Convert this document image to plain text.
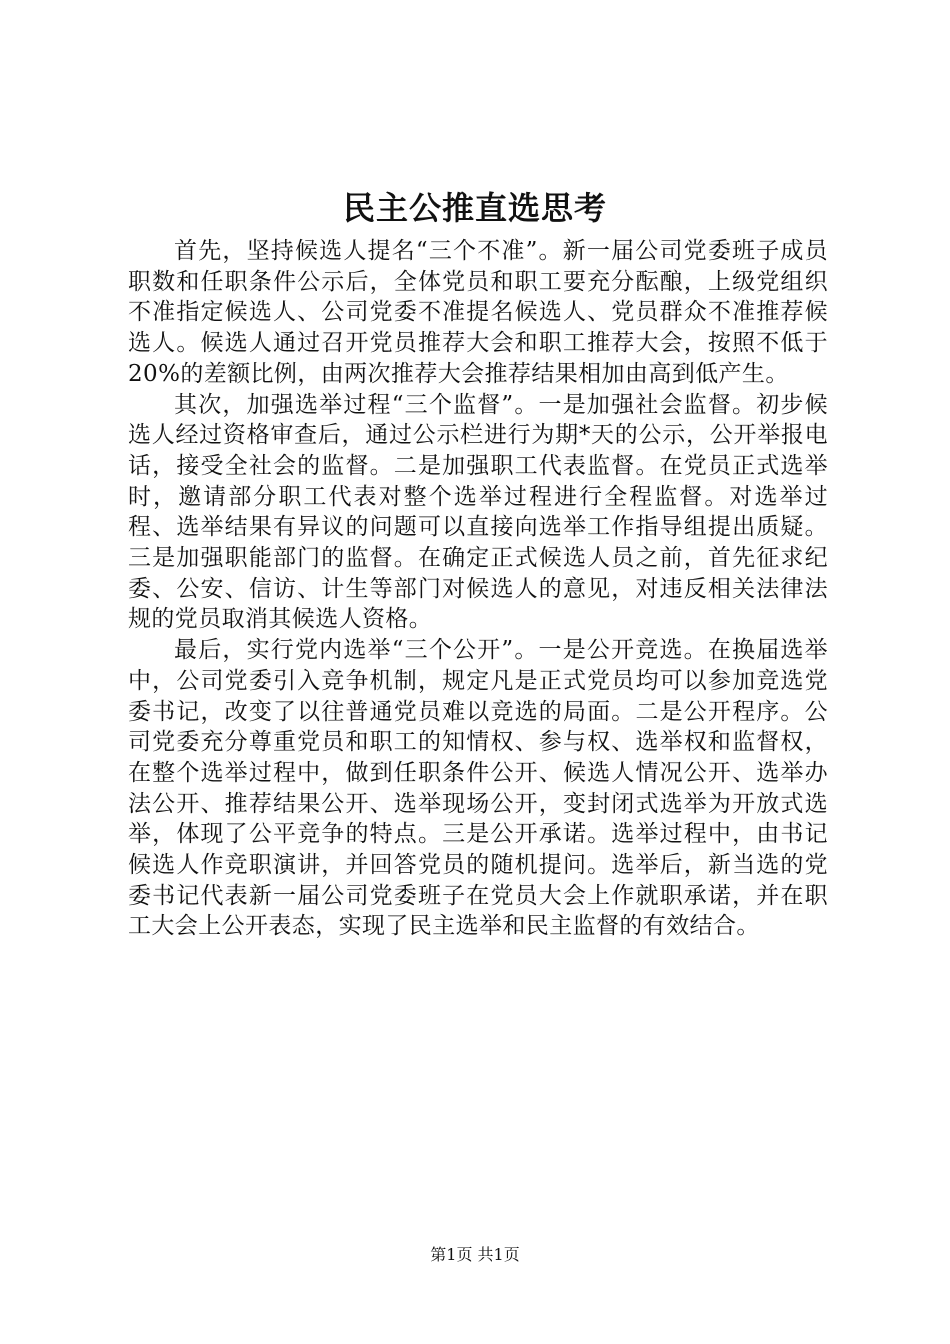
民主公推直选思考

首先，坚持候选人提名“三个不准”。新一届公司党委班子成员职数和任职条件公示后，全体党员和职工要充分酝酿，上级党组织不准指定候选人、公司党委不准提名候选人、党员群众不准推荐候选人。候选人通过召开党员推荐大会和职工推荐大会，按照不低于20%的差额比例，由两次推荐大会推荐结果相加由高到低产生。

其次，加强选举过程“三个监督”。一是加强社会监督。初步候选人经过资格审查后，通过公示栏进行为期*天的公示，公开举报电话，接受全社会的监督。二是加强职工代表监督。在党员正式选举时，邀请部分职工代表对整个选举过程进行全程监督。对选举过程、选举结果有异议的问题可以直接向选举工作指导组提出质疑。三是加强职能部门的监督。在确定正式候选人员之前，首先征求纪委、公安、信访、计生等部门对候选人的意见，对违反相关法律法规的党员取消其候选人资格。

最后，实行党内选举“三个公开”。一是公开竞选。在换届选举中，公司党委引入竞争机制，规定凡是正式党员均可以参加竞选党委书记，改变了以往普通党员难以竞选的局面。二是公开程序。公司党委充分尊重党员和职工的知情权、参与权、选举权和监督权，在整个选举过程中，做到任职条件公开、候选人情况公开、选举办法公开、推荐结果公开、选举现场公开，变封闭式选举为开放式选举，体现了公平竞争的特点。三是公开承诺。选举过程中，由书记候选人作竞职演讲，并回答党员的随机提问。选举后，新当选的党委书记代表新一届公司党委班子在党员大会上作就职承诺，并在职工大会上公开表态，实现了民主选举和民主监督的有效结合。

第1页 共1页
